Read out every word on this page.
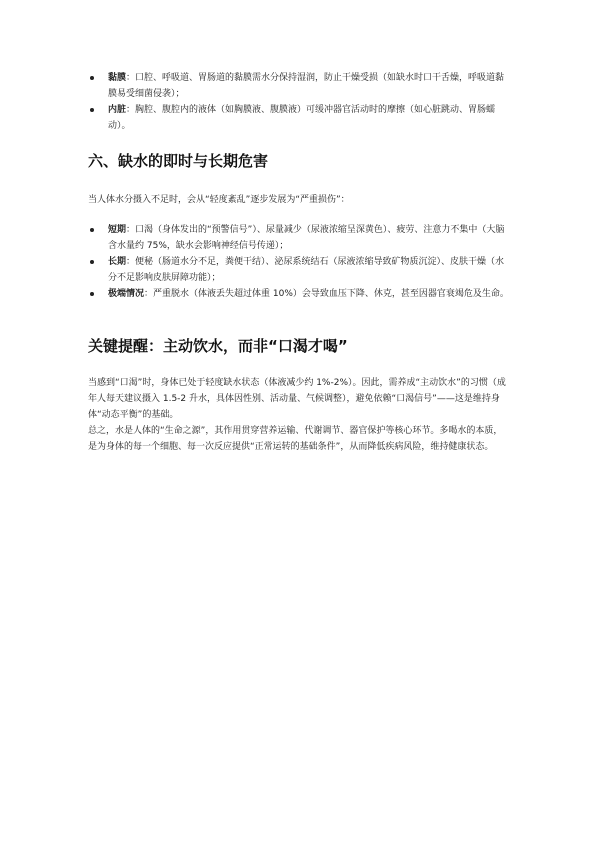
黏膜：口腔、呼吸道、胃肠道的黏膜需水分保持湿润，防止干燥受损（如缺水时口干舌燥，呼吸道黏膜易受细菌侵袭）；
内脏：胸腔、腹腔内的液体（如胸膜液、腹膜液）可缓冲器官活动时的摩擦（如心脏跳动、胃肠蠕动）。
六、缺水的即时与长期危害

当人体水分摄入不足时，会从“轻度紊乱”逐步发展为“严重损伤”：

短期：口渴（身体发出的“预警信号”）、尿量减少（尿液浓缩呈深黄色）、疲劳、注意力不集中（大脑含水量约 75%，缺水会影响神经信号传递）；
长期：便秘（肠道水分不足，粪便干结）、泌尿系统结石（尿液浓缩导致矿物质沉淀）、皮肤干燥（水分不足影响皮肤屏障功能）；
极端情况：严重脱水（体液丢失超过体重 10%）会导致血压下降、休克，甚至因器官衰竭危及生命。
关键提醒：主动饮水，而非“口渴才喝”

当感到“口渴”时，身体已处于轻度缺水状态（体液减少约 1%-2%）。因此，需养成“主动饮水”的习惯（成年人每天建议摄入 1.5-2 升水，具体因性别、活动量、气候调整），避免依赖“口渴信号”——这是维持身体“动态平衡”的基础。

总之，水是人体的“生命之源”，其作用贯穿营养运输、代谢调节、器官保护等核心环节。多喝水的本质，是为身体的每一个细胞、每一次反应提供“正常运转的基础条件”，从而降低疾病风险，维持健康状态。
